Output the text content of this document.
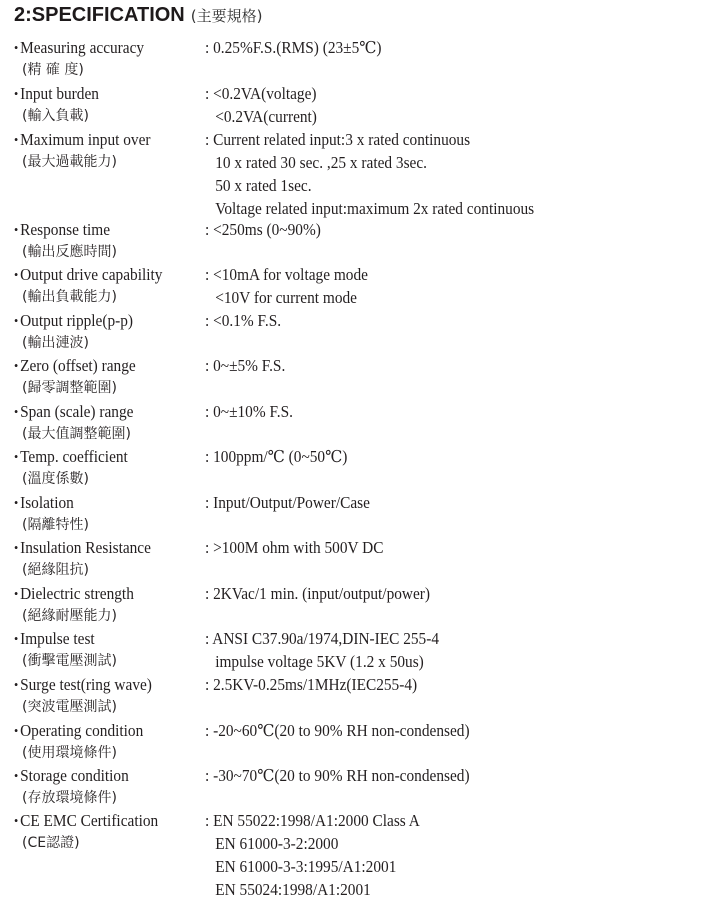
2:SPECIFICATION (主要規格)
• Measuring accuracy
(精 確 度)
: 0.25%F.S.(RMS) (23±5℃)
• Input burden
(輸入負載)
: <0.2VA(voltage)
<0.2VA(current)
• Maximum input over
(最大過載能力)
: Current related input:3 x rated continuous
10 x rated 30 sec. ,25 x rated 3sec.
50 x rated 1sec.
Voltage related input:maximum 2x rated continuous
• Response time
(輸出反應時間)
: <250ms (0~90%)
• Output drive capability
(輸出負載能力)
: <10mA for voltage mode
<10V for current mode
• Output ripple(p-p)
(輸出漣波)
: <0.1% F.S.
• Zero (offset) range
(歸零調整範圍)
: 0~±5% F.S.
• Span (scale) range
(最大值調整範圍)
: 0~±10% F.S.
• Temp. coefficient
(溫度係數)
: 100ppm/℃ (0~50℃)
• Isolation
(隔離特性)
: Input/Output/Power/Case
• Insulation Resistance
(絕緣阻抗)
: >100M ohm with 500V DC
• Dielectric strength
(絕緣耐壓能力)
: 2KVac/1 min. (input/output/power)
• Impulse test
(衝擊電壓測試)
: ANSI C37.90a/1974,DIN-IEC 255-4
impulse voltage 5KV (1.2 x 50us)
• Surge test(ring wave)
(突波電壓測試)
: 2.5KV-0.25ms/1MHz(IEC255-4)
• Operating condition
(使用環境條件)
: -20~60℃(20 to 90% RH non-condensed)
• Storage condition
(存放環境條件)
: -30~70℃(20 to 90% RH non-condensed)
• CE EMC Certification
(CE認證)
: EN 55022:1998/A1:2000 Class A
EN 61000-3-2:2000
EN 61000-3-3:1995/A1:2001
EN 55024:1998/A1:2001
